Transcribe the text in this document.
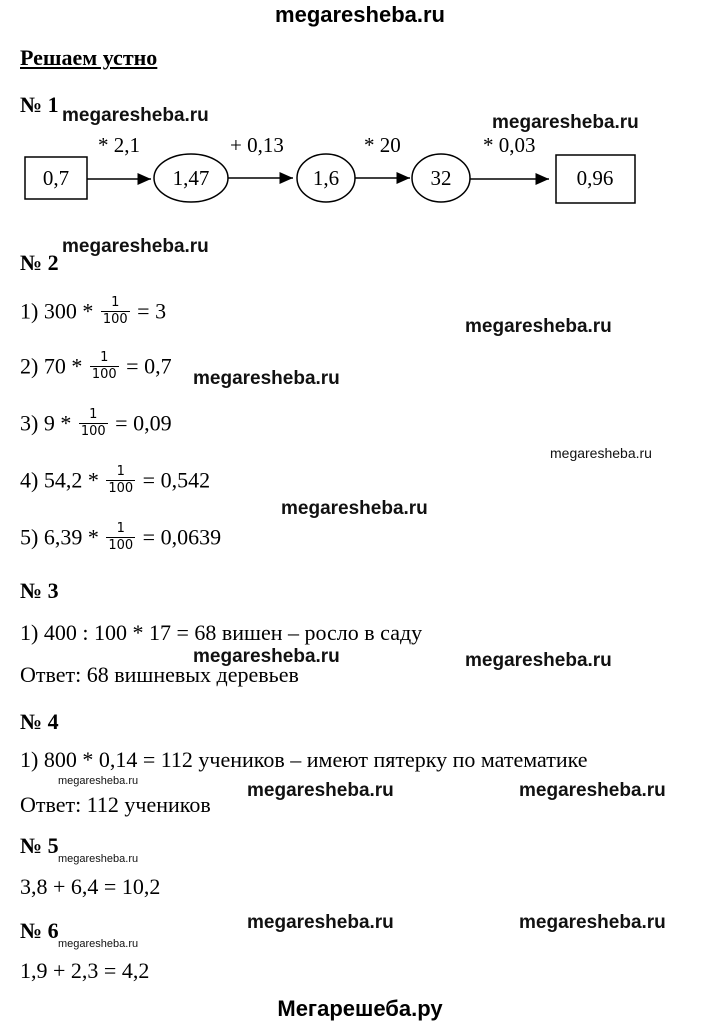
megaresheba.ru
Решаем устно
№ 1 megaresheba.ru	megaresheba.ru
* 2,1	+ 0,13	* 20	* 0,03
0,7	1,47	1,6	32	0,96
megaresheba.ru
№ 2
1) $300 * \frac{1}{100} = 3$
megaresheba.ru
2) $70 * \frac{1}{100} = 0,7$ megaresheba.ru
3) $9 * \frac{1}{100} = 0,09$
megaresheba.ru
4) $54,2 * \frac{1}{100} = 0,542$
megaresheba.ru
5) $6,39 * \frac{1}{100} = 0,0639$
№ 3
1) 400 : 100 * 17 = 68 вишен – росло в саду
megaresheba.ru	megaresheba.ru
Ответ: 68 вишневых деревьев
№ 4
1) 800 * 0,14 = 112 учеников – имеют пятерку по математике
megaresheba.ru
Ответ: 112 учеников
megaresheba.ru	megaresheba.ru
№ 5
megaresheba.ru
3,8 + 6,4 = 10,2
megaresheba.ru	megaresheba.ru
№ 6
megaresheba.ru
1,9 + 2,3 = 4,2
Мегарешеба.ру
